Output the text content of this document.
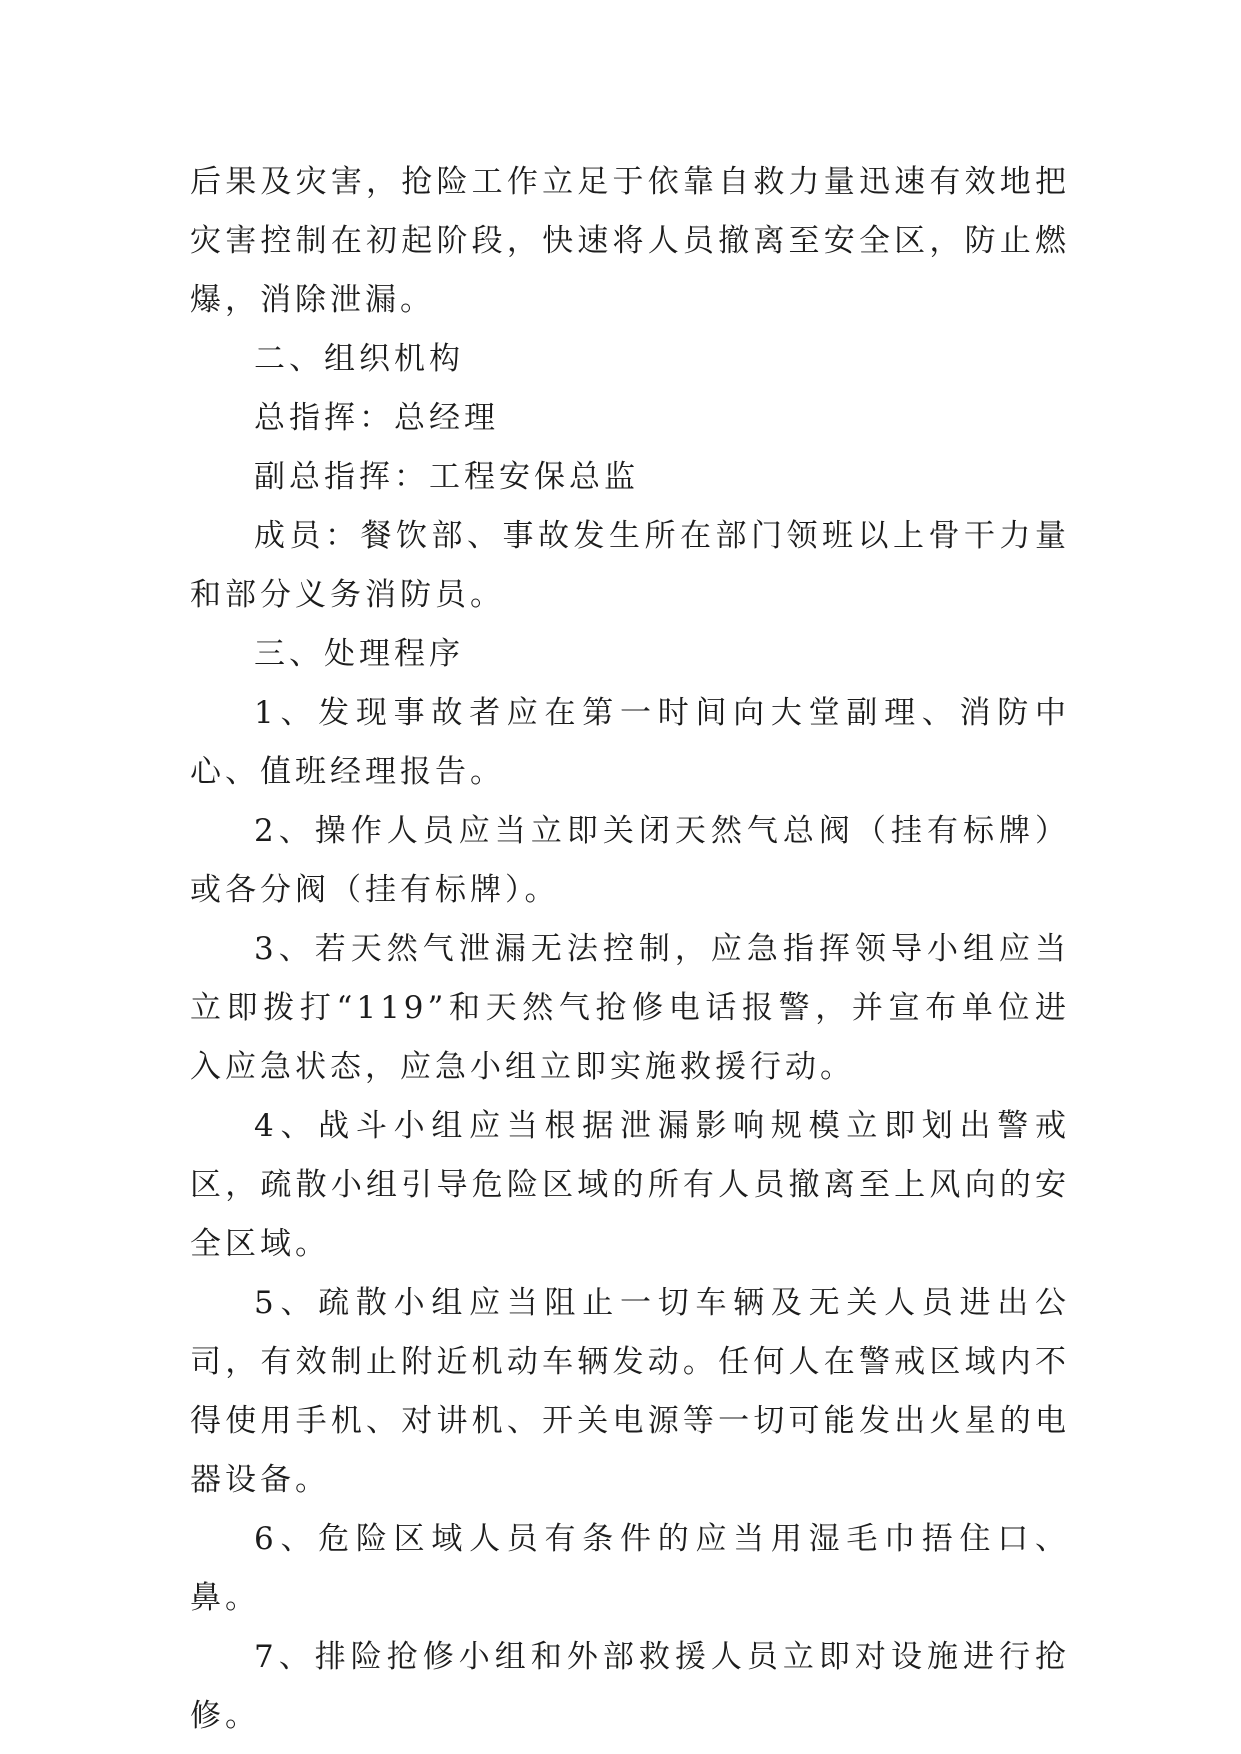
后果及灾害，抢险工作立足于依靠自救力量迅速有效地把灾害控制在初起阶段，快速将人员撤离至安全区，防止燃爆，消除泄漏。

二、组织机构

总指挥：总经理

副总指挥：工程安保总监

成员：餐饮部、事故发生所在部门领班以上骨干力量和部分义务消防员。

三、处理程序

1、发现事故者应在第一时间向大堂副理、消防中心、值班经理报告。

2、操作人员应当立即关闭天然气总阀（挂有标牌）或各分阀（挂有标牌）。

3、若天然气泄漏无法控制，应急指挥领导小组应当立即拨打“119”和天然气抢修电话报警，并宣布单位进入应急状态，应急小组立即实施救援行动。

4、战斗小组应当根据泄漏影响规模立即划出警戒区，疏散小组引导危险区域的所有人员撤离至上风向的安全区域。

5、疏散小组应当阻止一切车辆及无关人员进出公司，有效制止附近机动车辆发动。任何人在警戒区域内不得使用手机、对讲机、开关电源等一切可能发出火星的电器设备。

6、危险区域人员有条件的应当用湿毛巾捂住口、鼻。

7、排险抢修小组和外部救援人员立即对设施进行抢修。
